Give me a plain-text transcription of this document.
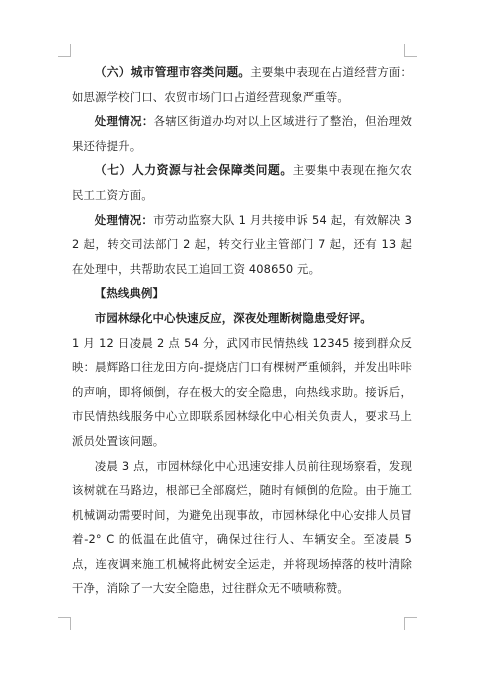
（六）城市管理市容类问题。主要集中表现在占道经营方面：如思源学校门口、农贸市场门口占道经营现象严重等。

处理情况：各辖区街道办均对以上区域进行了整治，但治理效果还待提升。

（七）人力资源与社会保障类问题。主要集中表现在拖欠农民工工资方面。

处理情况：市劳动监察大队 1 月共接申诉 54 起，有效解决 32 起，转交司法部门 2 起，转交行业主管部门 7 起，还有 13 起在处理中，共帮助农民工追回工资 408650 元。

【热线典例】

市园林绿化中心快速反应，深夜处理断树隐患受好评。

1 月 12 日凌晨 2 点 54 分，武冈市民情热线 12345 接到群众反映：晨辉路口往龙田方向-提烧店门口有棵树严重倾斜，并发出咔咔的声响，即将倾倒，存在极大的安全隐患，向热线求助。接诉后，市民情热线服务中心立即联系园林绿化中心相关负责人，要求马上派员处置该问题。

凌晨 3 点，市园林绿化中心迅速安排人员前往现场察看，发现该树就在马路边，根部已全部腐烂，随时有倾倒的危险。由于施工机械调动需要时间，为避免出现事故，市园林绿化中心安排人员冒着-2° C 的低温在此值守，确保过往行人、车辆安全。至凌晨 5 点，连夜调来施工机械将此树安全运走，并将现场掉落的枝叶清除干净，消除了一大安全隐患，过往群众无不啧啧称赞。
